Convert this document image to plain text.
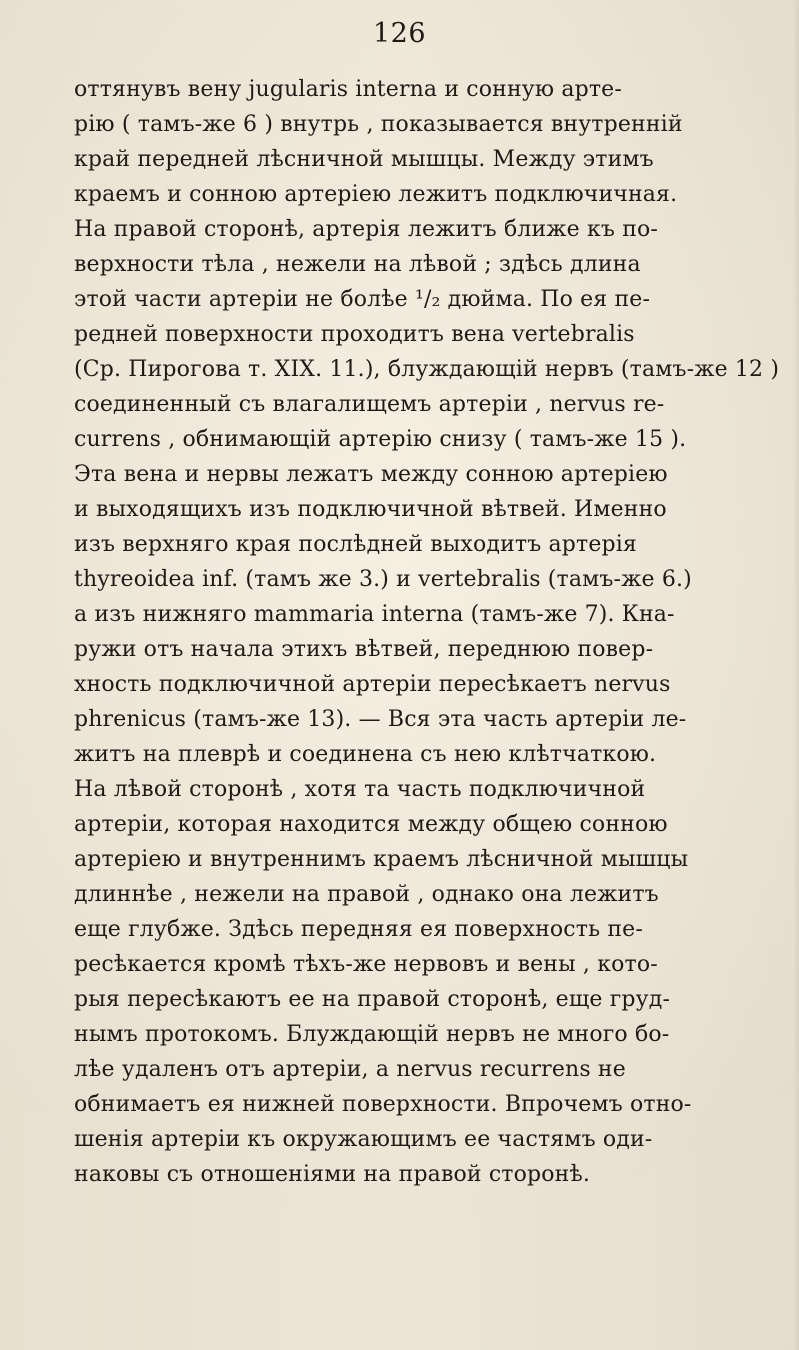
126
оттянувъ вену jugularis interna и сонную арте-
рію ( тамъ-же 6 ) внутрь , показывается внутренній
край передней лѣсничной мышцы. Между этимъ
краемъ и сонною артеріею лежитъ подключичная.
На правой сторонѣ, артерія лежитъ ближе къ по-
верхности тѣла , нежели на лѣвой ; здѣсь длина
этой части артеріи не болѣе ¹/₂ дюйма. По ея пе-
редней поверхности проходитъ вена vertebralis
(Ср. Пирогова т. XIX. 11.), блуждающій нервъ (тамъ-же 12 )
соединенный съ влагалищемъ артеріи , nervus re-
currens , обнимающій артерію снизу ( тамъ-же 15 ).
Эта вена и нервы лежатъ между сонною артеріею
и выходящихъ изъ подключичной вѣтвей. Именно
изъ верхняго края послѣдней выходитъ артерія
thyreoidea inf. (тамъ же 3.) и vertebralis (тамъ-же 6.)
а изъ нижняго mammaria interna (тамъ-же 7). Кна-
ружи отъ начала этихъ вѣтвей, переднюю повер-
хность подключичной артеріи пересѣкаетъ nervus
phrenicus (тамъ-же 13). — Вся эта часть артеріи ле-
житъ на плеврѣ и соединена съ нею клѣтчаткою.
На лѣвой сторонѣ , хотя та часть подключичной
артеріи, которая находится между общею сонною
артеріею и внутреннимъ краемъ лѣсничной мышцы
длиннѣе , нежели на правой , однако она лежитъ
еще глубже. Здѣсь передняя ея поверхность пе-
ресѣкается кромѣ тѣхъ-же нервовъ и вены , кото-
рыя пересѣкаютъ ее на правой сторонѣ, еще груд-
нымъ протокомъ. Блуждающій нервъ не много бо-
лѣе удаленъ отъ артеріи, а nervus recurrens не
обнимаетъ ея нижней поверхности. Впрочемъ отно-
шенія артеріи къ окружающимъ ее частямъ оди-
наковы съ отношеніями на правой сторонѣ.
